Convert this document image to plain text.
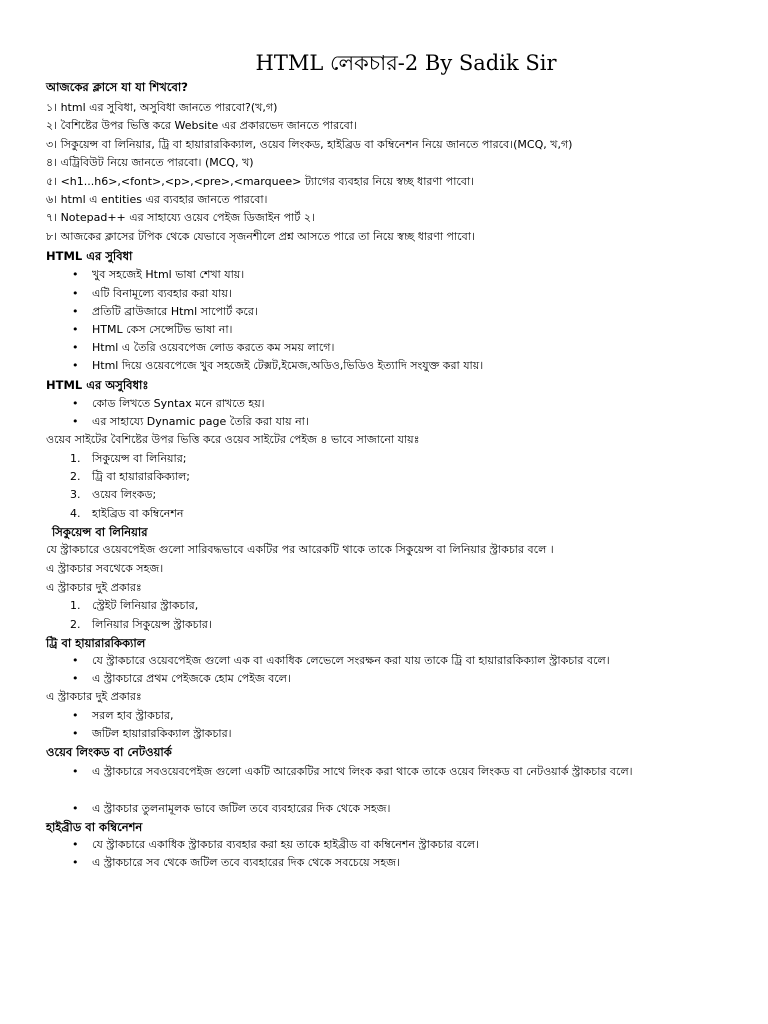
HTML লেকচার-2 By Sadik Sir
আজকের ক্লাসে যা যা শিখবো?
১। html এর সুবিধা, অসুবিধা জানতে পারবো?(খ,গ)
২। বৈশিষ্টের উপর ভিত্তি করে Website এর প্রকারভেদ জানতে পারবো।
৩। সিকুয়েন্স বা লিনিয়ার, ট্রি বা হায়ারারকিক্যাল, ওয়েব লিংকড, হাইব্রিড বা কম্বিনেশন নিয়ে জানতে পারবে।(MCQ, খ,গ)
৪। এট্রিবিউট নিয়ে জানতে পারবো। (MCQ, খ)
৫। <h1...h6>,<font>,<p>,<pre>,<marquee> ট্যাগের ব্যবহার নিয়ে স্বচ্ছ ধারণা পাবো।
৬। html এ entities এর ব্যবহার জানতে পারবো।
৭। Notepad++ এর সাহায্যে ওয়েব পেইজ ডিজাইন পার্ট ২।
৮। আজকের ক্লাসের টপিক থেকে যেভাবে সৃজনশীলে প্রশ্ন আসতে পারে তা নিয়ে স্বচ্ছ ধারণা পাবো।
HTML এর সুবিধা
• খুব সহজেই Html ভাষা শেখা যায়।
• এটি বিনামূল্যে ব্যবহার করা যায়।
• প্রতিটি ব্রাউজারে Html সাপোর্ট করে।
• HTML কেস সেন্সেটিভ ভাষা না।
• Html এ তৈরি ওয়েবপেজ লোড করতে কম সময় লাগে।
• Html দিয়ে ওয়েবপেজে খুব সহজেই টেক্সট,ইমেজ,অডিও,ভিডিও ইত্যাদি সংযুক্ত করা যায়।
HTML এর অসুবিধাঃ
• কোড লিখতে Syntax মনে রাখতে হয়।
• এর সাহায্যে Dynamic page তৈরি করা যায় না।
ওয়েব সাইটের বৈশিষ্টের উপর ভিত্তি করে ওয়েব সাইটের পেইজ ৪ ভাবে সাজানো যায়ঃ
1. সিকুয়েন্স বা লিনিয়ার;
2. ট্রি বা হায়ারারকিক্যাল;
3. ওয়েব লিংকড;
4. হাইব্রিড বা কম্বিনেশন
সিকুয়েন্স বা লিনিয়ার
যে স্ট্রাকচারে ওয়েবপেইজ গুলো সারিবদ্ধভাবে একটির পর আরেকটি থাকে তাকে সিকুয়েন্স বা লিনিয়ার স্ট্রাকচার বলে ।
এ স্ট্রাকচার সবথেকে সহজ।
এ স্ট্রাকচার দুই প্রকারঃ
1. স্ট্রেইট লিনিয়ার স্ট্রাকচার,
2. লিনিয়ার সিকুয়েন্স স্ট্রাকচার।
ট্রি বা হায়ারারকিক্যাল
• যে স্ট্রাকচারে ওয়েবপেইজ গুলো এক বা একাধিক লেভেলে সংরক্ষন করা যায় তাকে ট্রি বা হায়ারারকিক্যাল স্ট্রাকচার বলে।
• এ স্ট্রাকচারে প্রথম পেইজকে হোম পেইজ বলে।
এ স্ট্রাকচার দুই প্রকারঃ
• সরল হাব স্ট্রাকচার,
• জটিল হায়ারারকিক্যাল স্ট্রাকচার।
ওয়েব লিংকড বা নেটওয়ার্ক
• এ স্ট্রাকচারে সবওয়েবপেইজ গুলো একটি আরেকটির সাথে লিংক করা থাকে তাকে ওয়েব লিংকড বা নেটওয়ার্ক স্ট্রাকচার বলে।
• এ স্ট্রাকচার তুলনামূলক ভাবে জটিল তবে ব্যবহারের দিক থেকে সহজ।
হাইব্রীড বা কম্বিনেশন
• যে স্ট্রাকচারে একাধিক স্ট্রাকচার ব্যবহার করা হয় তাকে হাইব্রীড বা কম্বিনেশন স্ট্রাকচার বলে।
• এ স্ট্রাকচারে সব থেকে জটিল তবে ব্যবহারের দিক থেকে সবচেয়ে সহজ।
